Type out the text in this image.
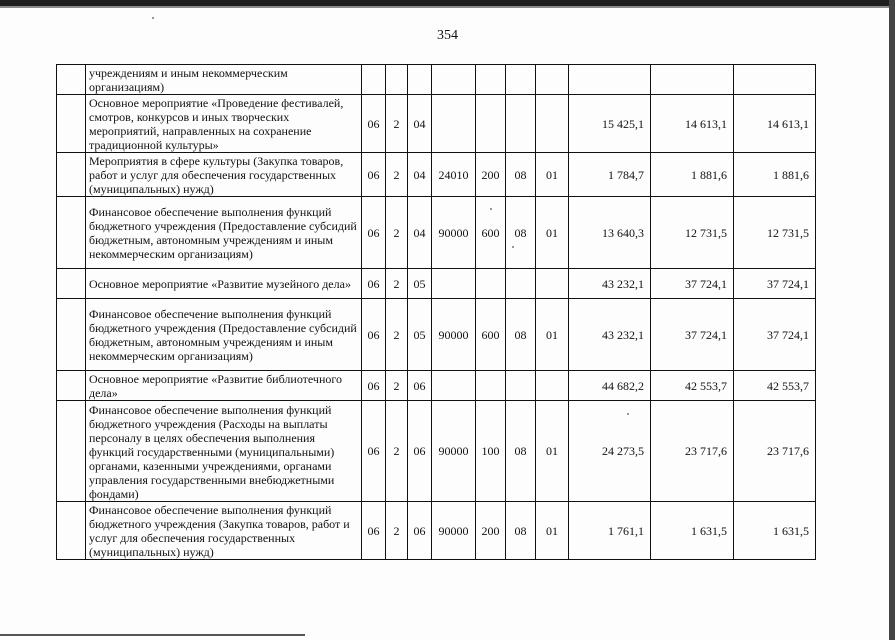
354
	учреждениям и иным некоммерческим организациям)										
	Основное мероприятие «Проведение фестивалей, смотров, конкурсов и иных творческих мероприятий, направленных на сохранение традиционной культуры»	06	2	04					15 425,1	14 613,1	14 613,1
	Мероприятия в сфере культуры (Закупка товаров, работ и услуг для обеспечения государственных (муниципальных) нужд)	06	2	04	24010	200	08	01	1 784,7	1 881,6	1 881,6
	Финансовое обеспечение выполнения функций бюджетного учреждения (Предоставление субсидий бюджетным, автономным учреждениям и иным некоммерческим организациям)	06	2	04	90000	600	08	01	13 640,3	12 731,5	12 731,5
	Основное мероприятие «Развитие музейного дела»	06	2	05					43 232,1	37 724,1	37 724,1
	Финансовое обеспечение выполнения функций бюджетного учреждения (Предоставление субсидий бюджетным, автономным учреждениям и иным некоммерческим организациям)	06	2	05	90000	600	08	01	43 232,1	37 724,1	37 724,1
	Основное мероприятие «Развитие библиотечного дела»	06	2	06					44 682,2	42 553,7	42 553,7
	Финансовое обеспечение выполнения функций бюджетного учреждения (Расходы на выплаты персоналу в целях обеспечения выполнения функций государственными (муниципальными) органами, казенными учреждениями, органами управления государственными внебюджетными фондами)	06	2	06	90000	100	08	01	24 273,5	23 717,6	23 717,6
	Финансовое обеспечение выполнения функций бюджетного учреждения (Закупка товаров, работ и услуг для обеспечения государственных (муниципальных) нужд)	06	2	06	90000	200	08	01	1 761,1	1 631,5	1 631,5
